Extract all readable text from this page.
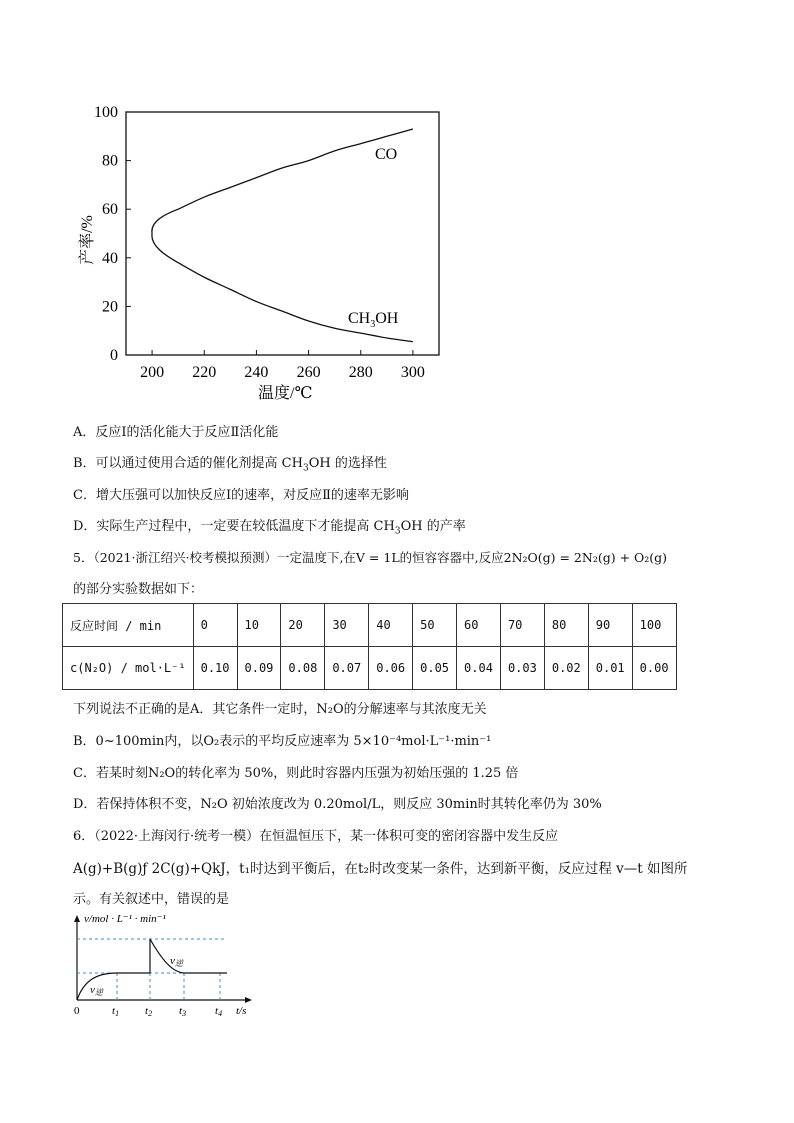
0
20
40
60
80
100
200 220 240 260 280 300
CO
$CH_3OH$
温度/℃
产率/%
A．反应Ⅰ的活化能大于反应Ⅱ活化能
B．可以通过使用合适的催化剂提高 $CH_3OH$ 的选择性
C．增大压强可以加快反应Ⅰ的速率，对反应Ⅱ的速率无影响
D．实际生产过程中，一定要在较低温度下才能提高 $CH_3OH$ 的产率
5．（2021·浙江绍兴·校考模拟预测）一定温度下,在V = 1L的恒容容器中,反应2N₂O(g) = 2N₂(g) + O₂(g)
的部分实验数据如下：
反应时间 / min	0	10	20	30	40	50	60	70	80	90	100
c(N₂O) / mol·L⁻¹	0.10	0.09	0.08	0.07	0.06	0.05	0.04	0.03	0.02	0.01	0.00
下列说法不正确的是A．其它条件一定时，N₂O的分解速率与其浓度无关
B．0~100min内，以O₂表示的平均反应速率为 5×10⁻⁴mol·L⁻¹·min⁻¹
C．若某时刻N₂O的转化率为 50%，则此时容器内压强为初始压强的 1.25 倍
D．若保持体积不变，N₂O 初始浓度改为 0.20mol/L，则反应 30min时其转化率仍为 30%
6．（2022·上海闵行·统考一模）在恒温恒压下，某一体积可变的密闭容器中发生反应
A(g)+B(g)ƒ 2C(g)+QkJ，t₁时达到平衡后，在t₂时改变某一条件，达到新平衡，反应过程 v—t 如图所
示。有关叙述中，错误的是
v/mol · L⁻¹ · min⁻¹
v逆
v逆
0	t1 t2 t3	t4 t/s
